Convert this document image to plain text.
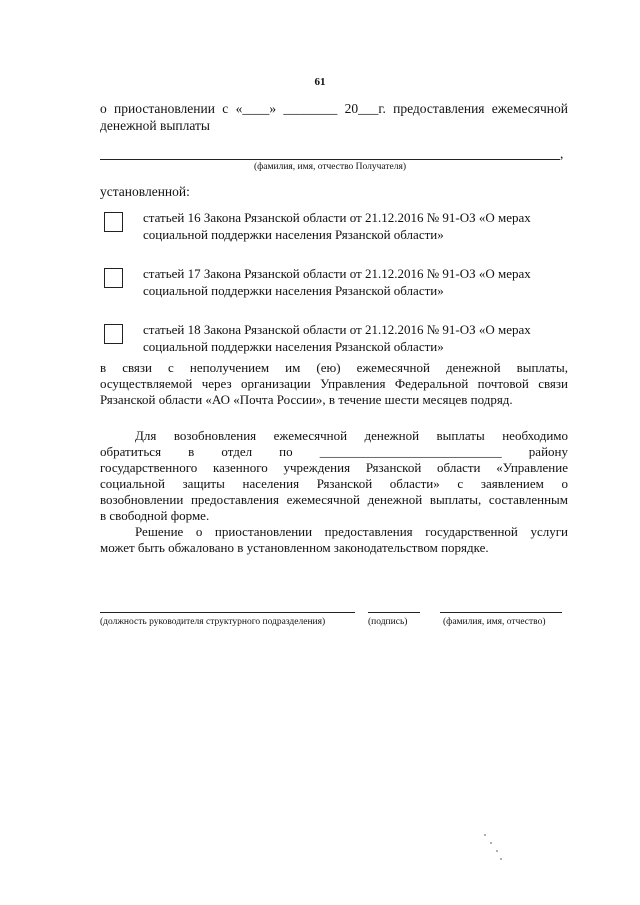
61
о приостановлении с «____» ________ 20___г. предоставления ежемесячной
денежной выплаты
,
(фамилия, имя, отчество Получателя)
установленной:
статьей 16 Закона Рязанской области от 21.12.2016 № 91-ОЗ «О мерах
социальной поддержки населения Рязанской области»
статьей 17 Закона Рязанской области от 21.12.2016 № 91-ОЗ «О мерах
социальной поддержки населения Рязанской области»
статьей 18 Закона Рязанской области от 21.12.2016 № 91-ОЗ «О мерах
социальной поддержки населения Рязанской области»
в связи с неполучением им (ею) ежемесячной денежной выплаты,
осуществляемой через организации Управления Федеральной почтовой связи
Рязанской области «АО «Почта России», в течение шести месяцев подряд.
Для возобновления ежемесячной денежной выплаты необходимо
обратиться в отдел по ____________________________ району
государственного казенного учреждения Рязанской области «Управление
социальной защиты населения Рязанской области» с заявлением о
возобновлении предоставления ежемесячной денежной выплаты, составленным
в свободной форме.
Решение о приостановлении предоставления государственной услуги
может быть обжаловано в установленном законодательством порядке.
(должность руководителя структурного подразделения)	(подпись)	(фамилия, имя, отчество)
